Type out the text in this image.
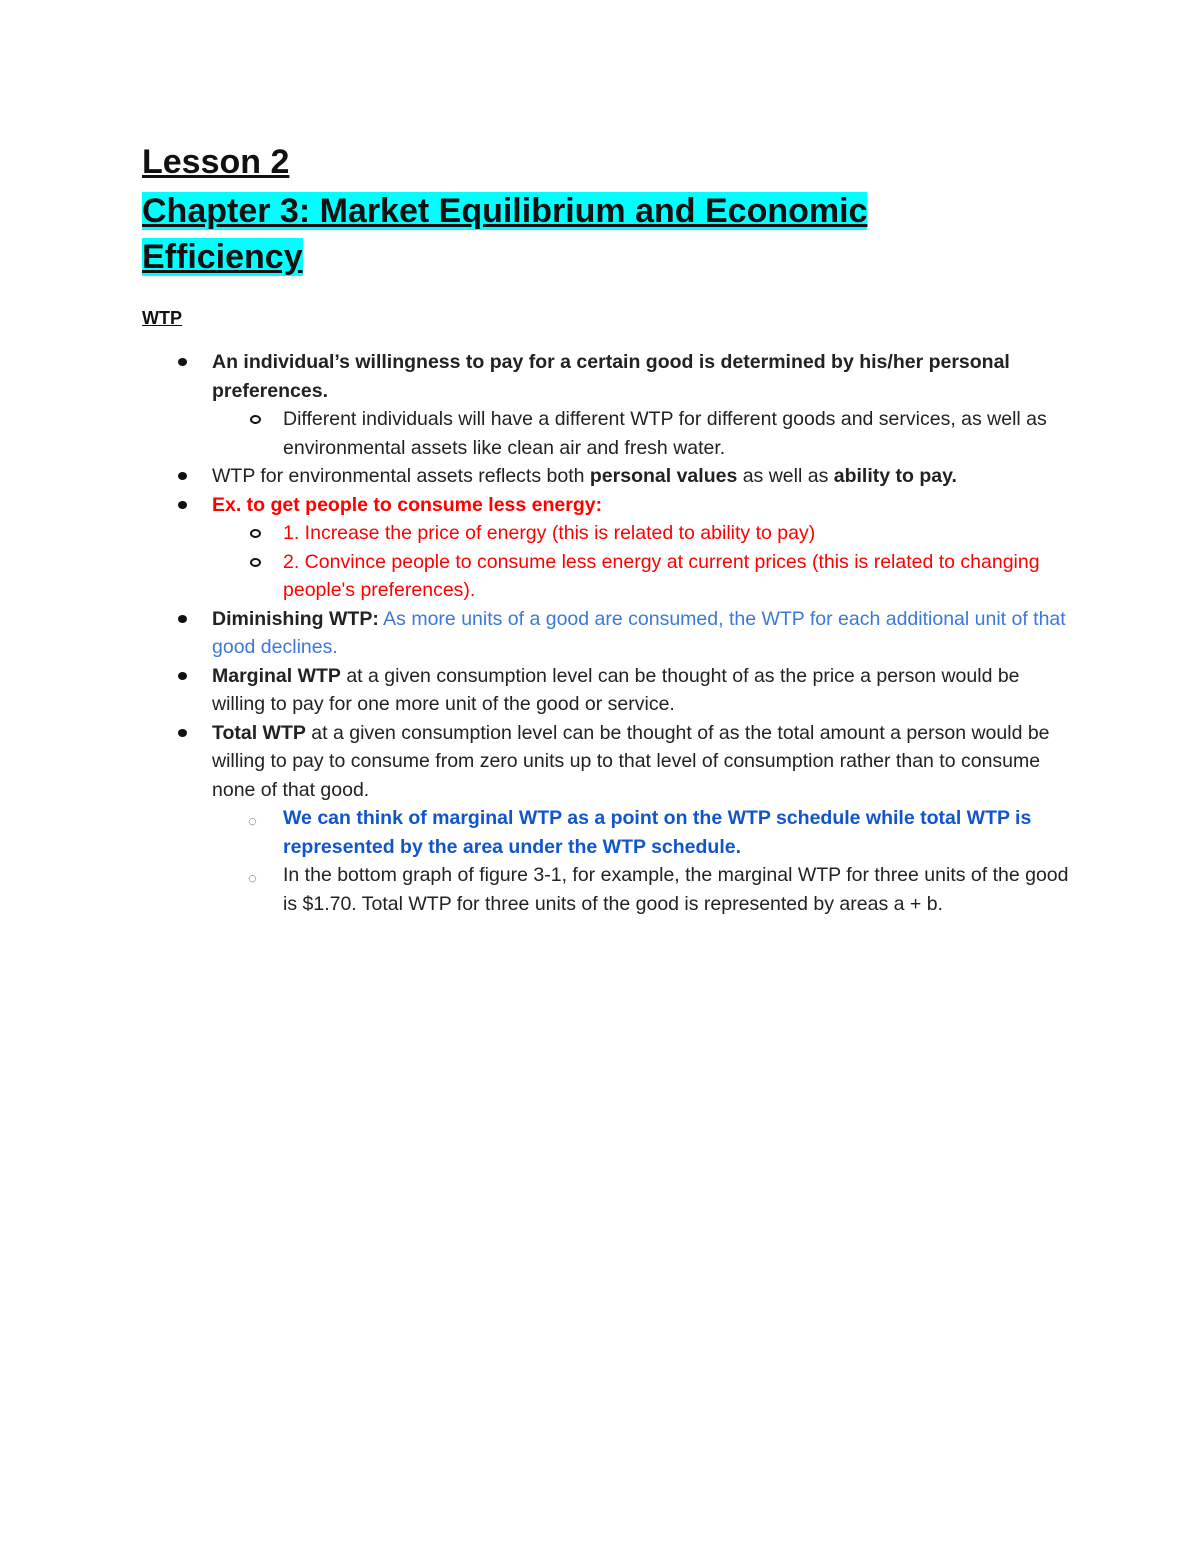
Lesson 2
Chapter 3: Market Equilibrium and Economic
Efficiency
WTP
An individual’s willingness to pay for a certain good is determined by his/her personal preferences.
Different individuals will have a different WTP for different goods and services, as well as environmental assets like clean air and fresh water.
WTP for environmental assets reflects both personal values as well as ability to pay.
Ex. to get people to consume less energy:
1. Increase the price of energy (this is related to ability to pay)
2. Convince people to consume less energy at current prices (this is related to changing people's preferences).
Diminishing WTP: As more units of a good are consumed, the WTP for each additional unit of that good declines.
Marginal WTP at a given consumption level can be thought of as the price a person would be willing to pay for one more unit of the good or service.
Total WTP at a given consumption level can be thought of as the total amount a person would be willing to pay to consume from zero units up to that level of consumption rather than to consume none of that good.
◌ We can think of marginal WTP as a point on the WTP schedule while total WTP is represented by the area under the WTP schedule.
◌ In the bottom graph of figure 3-1, for example, the marginal WTP for three units of the good is $1.70. Total WTP for three units of the good is represented by areas a + b.
